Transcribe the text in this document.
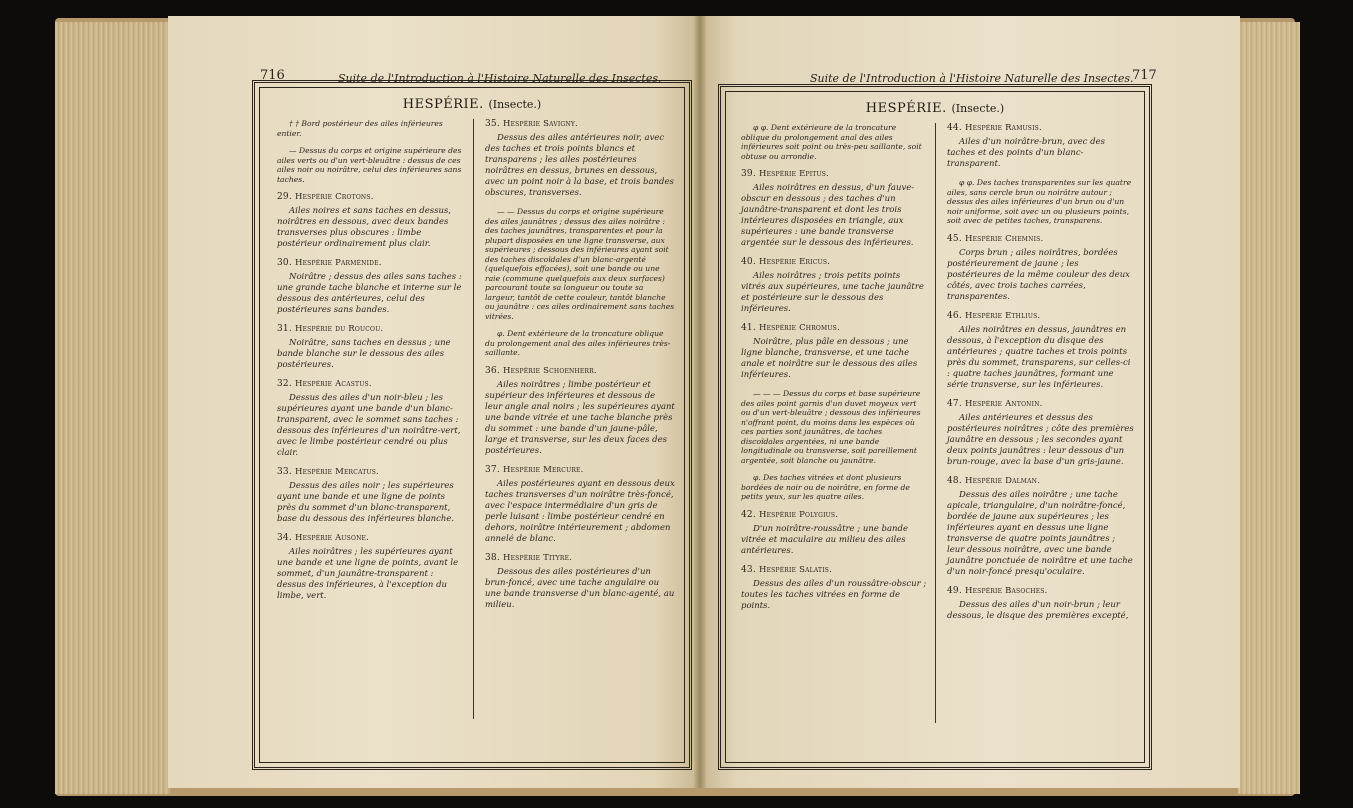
716	Suite de l'Introduction à l'Histoire Naturelle des Insectes.
HESPÉRIE. (Insecte.)

† † Bord postérieur des ailes inférieures entier.

— Dessus du corps et origine supérieure des ailes verts ou d'un vert-bleuâtre : dessus de ces ailes noir ou noirâtre, celui des inférieures sans taches.

29. Hespérie Crotons.

Ailes noires et sans taches en dessus, noirâtres en dessous, avec deux bandes transverses plus obscures : limbe postérieur ordinairement plus clair.

30. Hespérie Parménide.

Noirâtre ; dessus des ailes sans taches : une grande tache blanche et interne sur le dessous des antérieures, celui des postérieures sans bandes.

31. Hespérie du Roucou.

Noirâtre, sans taches en dessus ; une bande blanche sur le dessous des ailes postérieures.

32. Hespérie Acastus.

Dessus des ailes d'un noir-bleu ; les supérieures ayant une bande d'un blanc-transparent, avec le sommet sans taches : dessous des inférieures d'un noirâtre-vert, avec le limbe postérieur cendré ou plus clair.

33. Hespérie Mercatus.

Dessus des ailes noir ; les supérieures ayant une bande et une ligne de points près du sommet d'un blanc-transparent, base du dessous des inférieures blanche.

34. Hespérie Ausone.

Ailes noirâtres ; les supérieures ayant une bande et une ligne de points, avant le sommet, d'un jaunâtre-transparent : dessus des inférieures, à l'exception du limbe, vert.

35. Hespérie Savigny.

Dessus des ailes antérieures noir, avec des taches et trois points blancs et transparens ; les ailes postérieures noirâtres en dessus, brunes en dessous, avec un point noir à la base, et trois bandes obscures, transverses.

— — Dessus du corps et origine supérieure des ailes jaunâtres ; dessus des ailes noirâtre : des taches jaunâtres, transparentes et pour la plupart disposées en une ligne transverse, aux supérieures ; dessous des inférieures ayant soit des taches discoïdales d'un blanc-argenté (quelquefois effacées), soit une bande ou une raie (commune quelquefois aux deux surfaces) parcourant toute sa longueur ou toute sa largeur, tantôt de cette couleur, tantôt blanche ou jaunâtre : ces ailes ordinairement sans taches vitrées.

φ. Dent extérieure de la troncature oblique du prolongement anal des ailes inférieures très-saillante.

36. Hespérie Schoenherr.

Ailes noirâtres ; limbe postérieur et supérieur des inférieures et dessous de leur angle anal noirs ; les supérieures ayant une bande vitrée et une tache blanche près du sommet : une bande d'un jaune-pâle, large et transverse, sur les deux faces des postérieures.

37. Hespérie Mercure.

Ailes postérieures ayant en dessous deux taches transverses d'un noirâtre très-foncé, avec l'espace intermédiaire d'un gris de perle luisant : limbe postérieur cendré en dehors, noirâtre intérieurement ; abdomen annelé de blanc.

38. Hespérie Tityre.

Dessous des ailes postérieures d'un brun-foncé, avec une tache angulaire ou une bande transverse d'un blanc-agenté, au milieu.

Suite de l'Introduction à l'Histoire Naturelle des Insectes.
717
HESPÉRIE. (Insecte.)

φ φ. Dent extérieure de la troncature oblique du prolongement anal des ailes inférieures soit point ou très-peu saillante, soit obtuse ou arrondie.

39. Hespérie Epitus.

Ailes noirâtres en dessus, d'un fauve-obscur en dessous ; des taches d'un jaunâtre-transparent et dont les trois intérieures disposées en triangle, aux supérieures : une bande transverse argentée sur le dessous des inférieures.

40. Hespérie Ericus.

Ailes noirâtres ; trois petits points vitrés aux supérieures, une tache jaunâtre et postérieure sur le dessous des inférieures.

41. Hespérie Chromus.

Noirâtre, plus pâle en dessous ; une ligne blanche, transverse, et une tache anale et noirâtre sur le dessous des ailes inférieures.

— — — Dessus du corps et base supérieure des ailes point garnis d'un duvet moyeux vert ou d'un vert-bleuâtre ; dessous des inférieures n'offrant point, du moins dans les espèces où ces parties sont jaunâtres, de taches discoïdales argentées, ni une bande longitudinale ou transverse, soit pareillement argentée, soit blanche ou jaunâtre.

φ. Des taches vitrées et dont plusieurs bordées de noir ou de noirâtre, en forme de petits yeux, sur les quatre ailes.

42. Hespérie Polygius.

D'un noirâtre-roussâtre ; une bande vitrée et maculaire au milieu des ailes antérieures.

43. Hespérie Salatis.

Dessus des ailes d'un roussâtre-obscur ; toutes les taches vitrées en forme de points.

44. Hespérie Ramusis.

Ailes d'un noirâtre-brun, avec des taches et des points d'un blanc-transparent.

φ φ. Des taches transparentes sur les quatre ailes, sans cercle brun ou noirâtre autour ; dessus des ailes inférieures d'un brun ou d'un noir uniforme, soit avec un ou plusieurs points, soit avec de petites taches, transparens.

45. Hespérie Chemnis.

Corps brun ; ailes noirâtres, bordées postérieurement de jaune ; les postérieures de la même couleur des deux côtés, avec trois taches carrées, transparentes.

46. Hespérie Ethlius.

Ailes noirâtres en dessus, jaunâtres en dessous, à l'exception du disque des antérieures ; quatre taches et trois points près du sommet, transparens, sur celles-ci : quatre taches jaunâtres, formant une série transverse, sur les inférieures.

47. Hespérie Antonin.

Ailes antérieures et dessus des postérieures noirâtres ; côte des premières jaunâtre en dessous ; les secondes ayant deux points jaunâtres : leur dessous d'un brun-rouge, avec la base d'un gris-jaune.

48. Hespérie Dalman.

Dessus des ailes noirâtre ; une tache apicale, triangulaire, d'un noirâtre-foncé, bordée de jaune aux supérieures ; les inférieures ayant en dessus une ligne transverse de quatre points jaunâtres ; leur dessous noirâtre, avec une bande jaunâtre ponctuée de noirâtre et une tache d'un noir-foncé presqu'oculaire.

49. Hespérie Basoches.

Dessus des ailes d'un noir-brun ; leur dessous, le disque des premières excepté,
